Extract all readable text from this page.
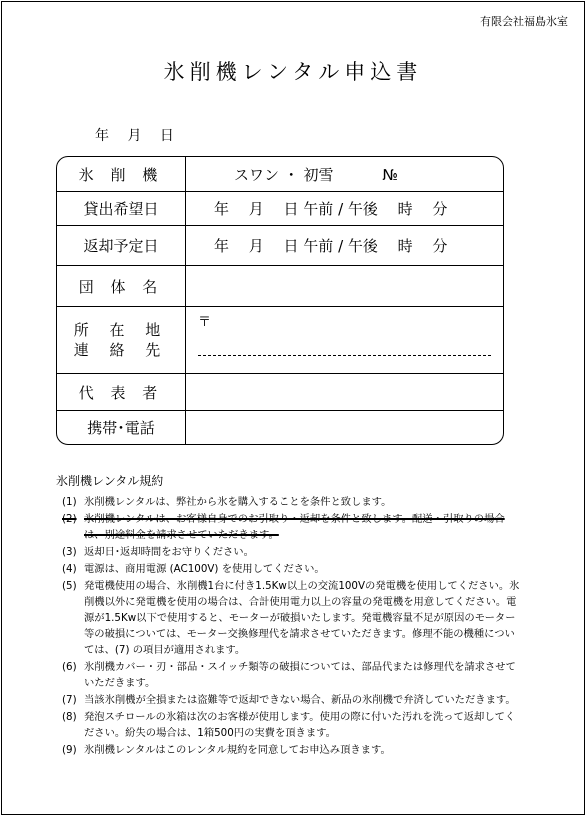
有限会社福島氷室
氷削機レンタル申込書
年 月 日
氷 削 機	スワン ・ 初雪 №
貸出希望日	年　 月　 日 午前 / 午後　 時　 分
返却予定日	年　 月　 日 午前 / 午後　 時　 分
団 体 名	

所 在 地
連 絡 先	〒

代 表 者	
携帯･電話	
氷削機レンタル規約
(1) 氷削機レンタルは、弊社から氷を購入することを条件と致します。
(2) 氷削機レンタルは、お客様自身でのお引取り・返却を条件と致します。配送・引取りの場合は、別途料金を請求させていただきます。
(3) 返却日･返却時間をお守りください。
(4) 電源は、商用電源 (AC100V) を使用してください。
(5) 発電機使用の場合、氷削機1台に付き1.5Kw以上の交流100Vの発電機を使用してください。氷削機以外に発電機を使用の場合は、合計使用電力以上の容量の発電機を用意してください。電源が1.5Kw以下で使用すると、モーターが破損いたします。発電機容量不足が原因のモーター等の破損については、モーター交換修理代を請求させていただきます。修理不能の機種については、(7) の項目が適用されます。
(6) 氷削機カバー・刃・部品・スイッチ類等の破損については、部品代または修理代を請求させていただきます。
(7) 当該氷削機が全損または盗難等で返却できない場合、新品の氷削機で弁済していただきます。
(8) 発泡スチロールの氷箱は次のお客様が使用します。使用の際に付いた汚れを洗って返却してください。紛失の場合は、1箱500円の実費を頂きます。
(9) 氷削機レンタルはこのレンタル規約を同意してお申込み頂きます。
